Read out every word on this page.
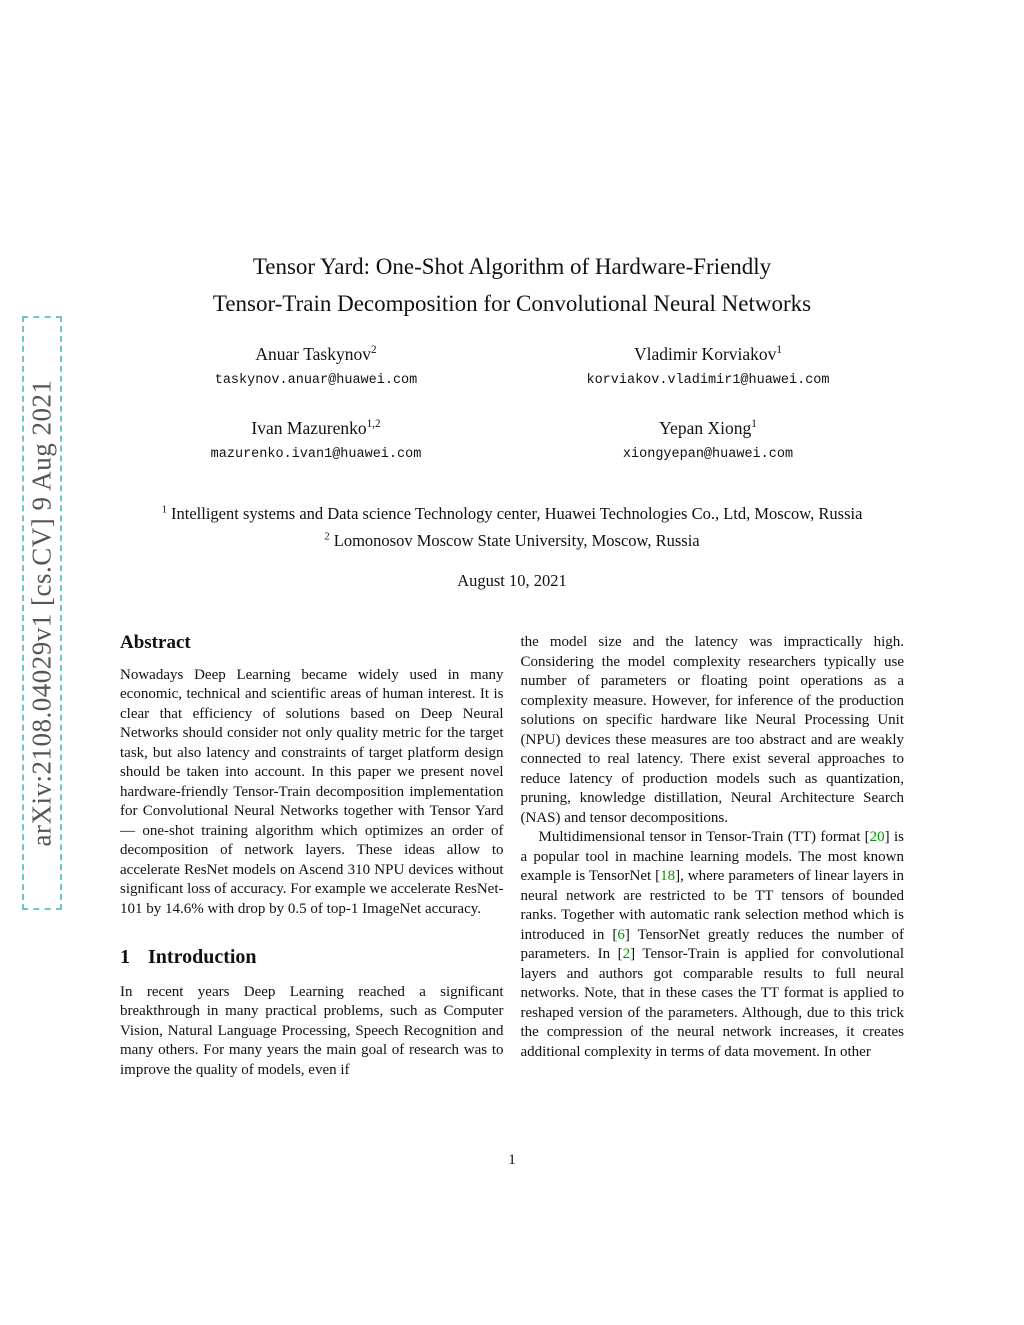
arXiv:2108.04029v1 [cs.CV] 9 Aug 2021
Tensor Yard: One-Shot Algorithm of Hardware-Friendly
Tensor-Train Decomposition for Convolutional Neural Networks
Anuar Taskynov$^2$
taskynov.anuar@huawei.com
Vladimir Korviakov$^1$
korviakov.vladimir1@huawei.com
Ivan Mazurenko$^{1,2}$
mazurenko.ivan1@huawei.com
Yepan Xiong$^1$
xiongyepan@huawei.com
$^1$ Intelligent systems and Data science Technology center, Huawei Technologies Co., Ltd, Moscow, Russia
$^2$ Lomonosov Moscow State University, Moscow, Russia
August 10, 2021
Abstract

Nowadays Deep Learning became widely used in many economic, technical and scientific areas of human interest. It is clear that efficiency of solutions based on Deep Neural Networks should consider not only quality metric for the target task, but also latency and constraints of target platform design should be taken into account. In this paper we present novel hardware-friendly Tensor-Train decomposition implementation for Convolutional Neural Networks together with Tensor Yard — one-shot training algorithm which optimizes an order of decomposition of network layers. These ideas allow to accelerate ResNet models on Ascend 310 NPU devices without significant loss of accuracy. For example we accelerate ResNet-101 by 14.6% with drop by 0.5 of top-1 ImageNet accuracy.

1 Introduction

In recent years Deep Learning reached a significant breakthrough in many practical problems, such as Computer Vision, Natural Language Processing, Speech Recognition and many others. For many years the main goal of research was to improve the quality of models, even if

the model size and the latency was impractically high. Considering the model complexity researchers typically use number of parameters or floating point operations as a complexity measure. However, for inference of the production solutions on specific hardware like Neural Processing Unit (NPU) devices these measures are too abstract and are weakly connected to real latency. There exist several approaches to reduce latency of production models such as quantization, pruning, knowledge distillation, Neural Architecture Search (NAS) and tensor decompositions.

Multidimensional tensor in Tensor-Train (TT) format [20] is a popular tool in machine learning models. The most known example is TensorNet [18], where parameters of linear layers in neural network are restricted to be TT tensors of bounded ranks. Together with automatic rank selection method which is introduced in [6] TensorNet greatly reduces the number of parameters. In [2] Tensor-Train is applied for convolutional layers and authors got comparable results to full neural networks. Note, that in these cases the TT format is applied to reshaped version of the parameters. Although, due to this trick the compression of the neural network increases, it creates additional complexity in terms of data movement. In other

1
